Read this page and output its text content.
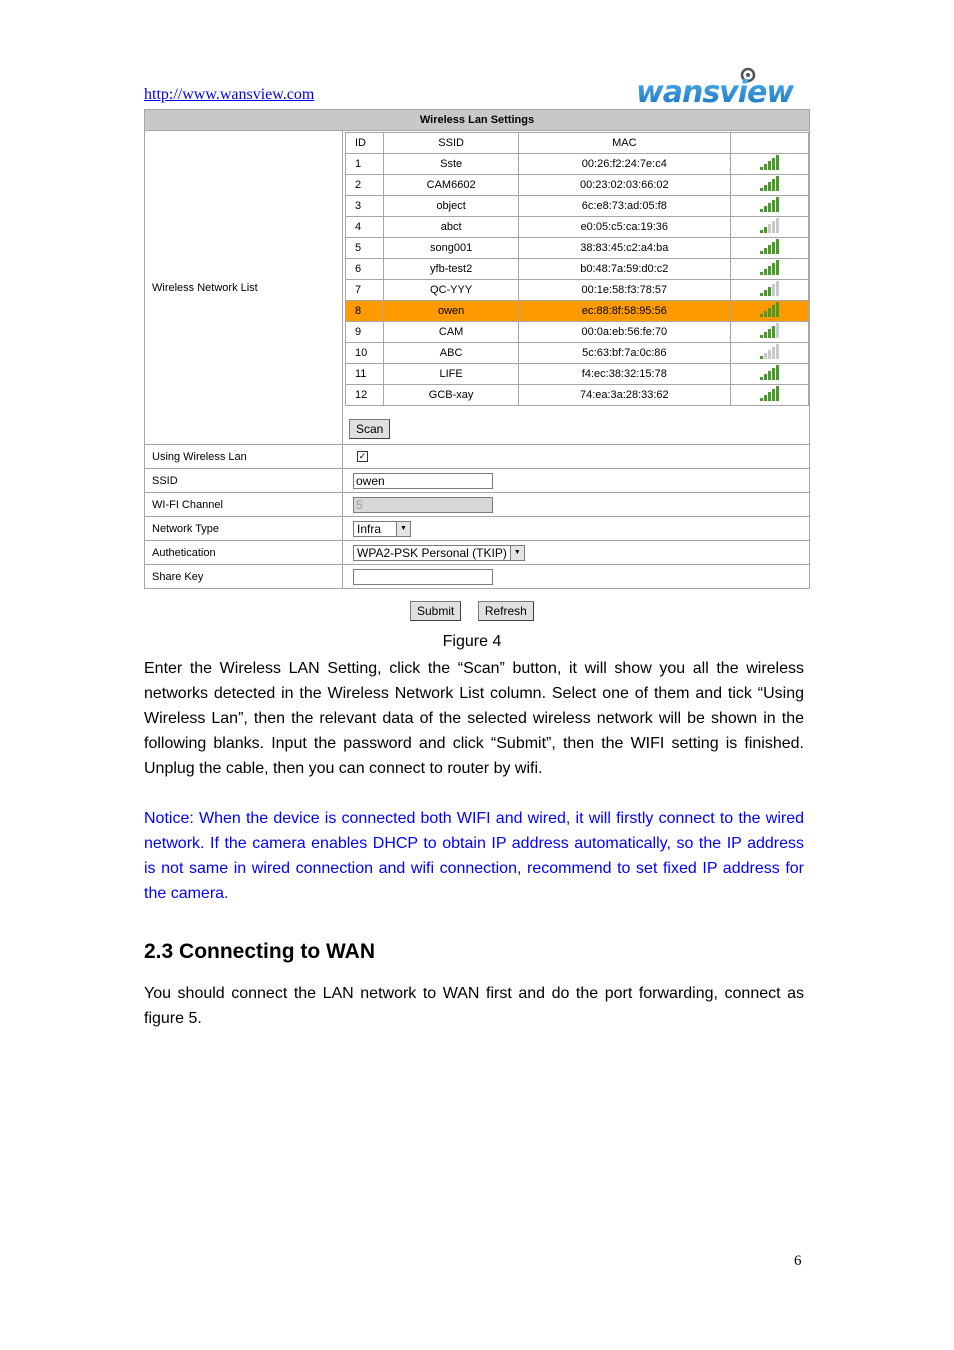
http://www.wansview.com	wansview
Wireless Lan Settings
Wireless Network List	
ID	SSID	MAC	
1	Sste	00:26:f2:24:7e:c4	

2	CAM6602	00:23:02:03:66:02	

3	object	6c:e8:73:ad:05:f8	

4	abct	e0:05:c5:ca:19:36	

5	song001	38:83:45:c2:a4:ba	

6	yfb-test2	b0:48:7a:59:d0:c2	

7	QC-YYY	00:1e:58:f3:78:57	

8	owen	ec:88:8f:58:95:56	

9	CAM	00:0a:eb:56:fe:70	

10	ABC	5c:63:bf:7a:0c:86	

11	LIFE	f4:ec:38:32:15:78	

12	GCB-xay	74:ea:3a:28:33:62	
Scan

Using Wireless Lan	✓
SSID	owen
WI-FI Channel	5
Network Type	Infra	▼

Authetication	WPA2-PSK Personal (TKIP)	▼

Share Key	
Submit	Refresh
Figure 4
Enter the Wireless LAN Setting, click the “Scan” button, it will show you all the wireless networks detected in the Wireless Network List column. Select one of them and tick “Using Wireless Lan”, then the relevant data of the selected wireless network will be shown in the following blanks. Input the password and click “Submit”, then the WIFI setting is finished. Unplug the cable, then you can connect to router by wifi.
Notice: When the device is connected both WIFI and wired, it will firstly connect to the wired network. If the camera enables DHCP to obtain IP address automatically, so the IP address is not same in wired connection and wifi connection, recommend to set fixed IP address for the camera.
2.3 Connecting to WAN
You should connect the LAN network to WAN first and do the port forwarding, connect as figure 5.
6
